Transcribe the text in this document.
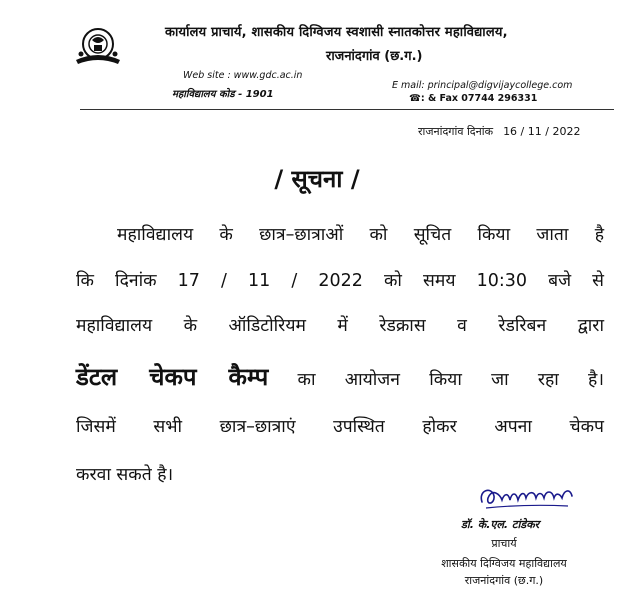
कार्यालय प्राचार्य, शासकीय दिग्विजय स्वशासी स्नातकोत्तर महाविद्यालय,
राजनांदगांव (छ.ग.)
Web site : www.gdc.ac.in
महाविद्यालय कोड - 1901
E mail: principal@digvijaycollege.com
☎: & Fax 07744 296331
राजनांदगांव दिनांक 16 / 11 / 2022
/ सूचना /
महाविद्यालय के छात्र–छात्राओं को सूचित किया जाता है
कि दिनांक 17 / 11 / 2022 को समय 10:30 बजे से
महाविद्यालय के ऑडिटोरियम में रेडक्रास व रेडरिबन द्वारा
डेंटल चेकप कैम्प का आयोजन किया जा रहा है।
जिसमें सभी छात्र–छात्राएं उपस्थित होकर अपना चेकप
करवा सकते है।
डॉ. के.एल. टांडेकर
प्राचार्य
शासकीय दिग्विजय महाविद्यालय
राजनांदगांव (छ.ग.)
